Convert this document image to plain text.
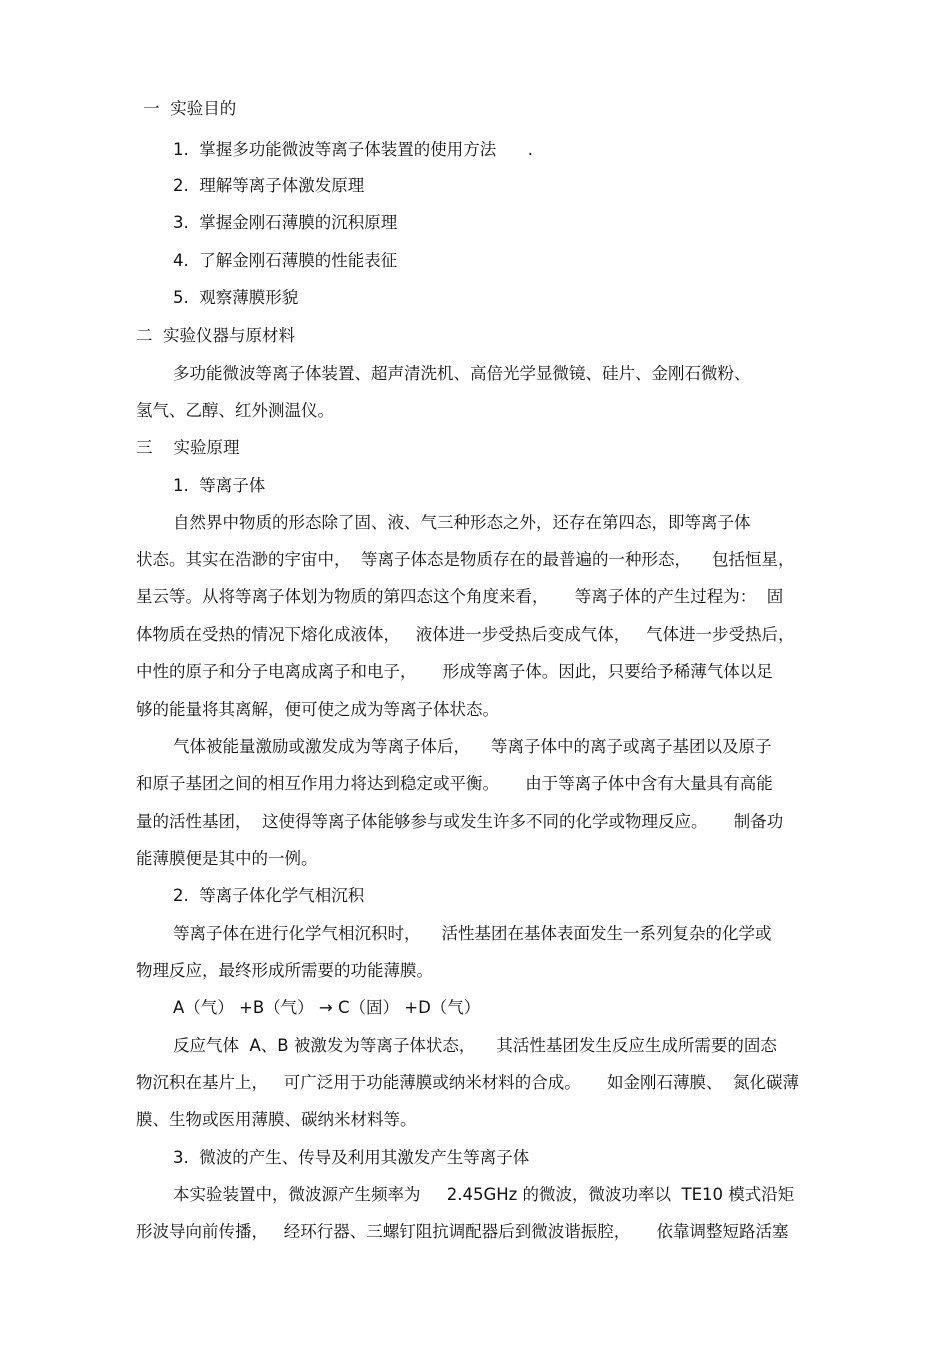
一  实验目的
1.  掌握多功能微波等离子体装置的使用方法      .
2.  理解等离子体激发原理
3.  掌握金刚石薄膜的沉积原理
4.  了解金刚石薄膜的性能表征
5.  观察薄膜形貌
二  实验仪器与原材料
多功能微波等离子体装置、超声清洗机、高倍光学显微镜、硅片、金刚石微粉、
氢气、乙醇、红外测温仪。
三    实验原理
1.  等离子体
自然界中物质的形态除了固、液、气三种形态之外，还存在第四态，即等离子体
状态。其实在浩渺的宇宙中，  等离子体态是物质存在的最普遍的一种形态，    包括恒星，
星云等。从将等离子体划为物质的第四态这个角度来看，     等离子体的产生过程为：  固
体物质在受热的情况下熔化成液体，   液体进一步受热后变成气体，   气体进一步受热后，
中性的原子和分子电离成离子和电子，     形成等离子体。因此，只要给予稀薄气体以足
够的能量将其离解，便可使之成为等离子体状态。
气体被能量激励或激发成为等离子体后，    等离子体中的离子或离子基团以及原子
和原子基团之间的相互作用力将达到稳定或平衡。     由于等离子体中含有大量具有高能
量的活性基团，  这使得等离子体能够参与或发生许多不同的化学或物理反应。     制备功
能薄膜便是其中的一例。
2.  等离子体化学气相沉积
等离子体在进行化学气相沉积时，    活性基团在基体表面发生一系列复杂的化学或
物理反应，最终形成所需要的功能薄膜。
A（气） +B（气） → C（固） +D（气）
反应气体  A、B 被激发为等离子体状态，    其活性基团发生反应生成所需要的固态
物沉积在基片上，   可广泛用于功能薄膜或纳米材料的合成。     如金刚石薄膜、  氮化碳薄
膜、生物或医用薄膜、碳纳米材料等。
3.  微波的产生、传导及利用其激发产生等离子体
本实验装置中，微波源产生频率为     2.45GHz 的微波，微波功率以  TE10 模式沿矩
形波导向前传播，   经环行器、三螺钉阻抗调配器后到微波谐振腔，     依靠调整短路活塞
